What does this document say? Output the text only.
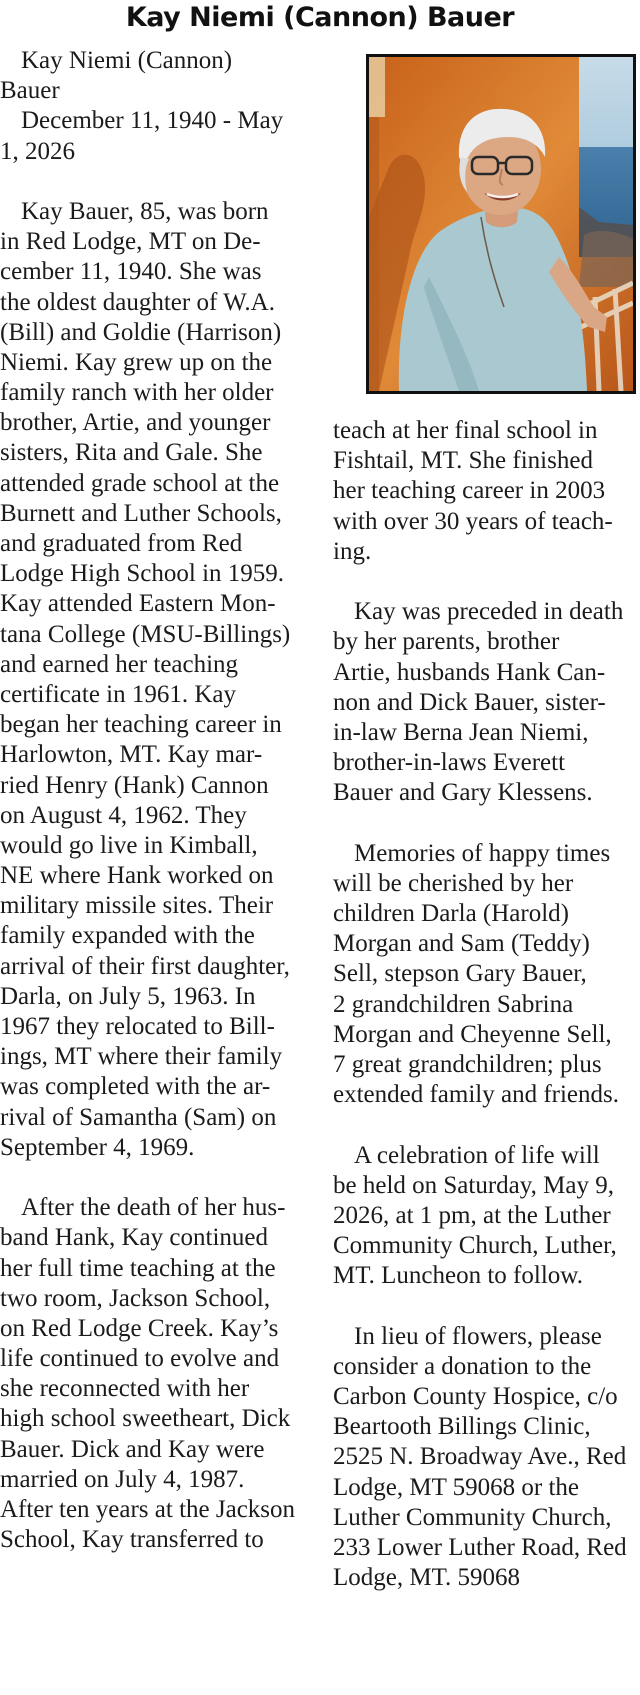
Kay Niemi (Cannon) Bauer
Kay Niemi (Cannon)
Bauer
December 11, 1940 - May
1, 2026
Kay Bauer, 85, was born
in Red Lodge, MT on De-
cember 11, 1940. She was
the oldest daughter of W.A.
(Bill) and Goldie (Harrison)
Niemi. Kay grew up on the
family ranch with her older
brother, Artie, and younger
sisters, Rita and Gale. She
attended grade school at the
Burnett and Luther Schools,
and graduated from Red
Lodge High School in 1959.
Kay attended Eastern Mon-
tana College (MSU-Billings)
and earned her teaching
certificate in 1961. Kay
began her teaching career in
Harlowton, MT. Kay mar-
ried Henry (Hank) Cannon
on August 4, 1962. They
would go live in Kimball,
NE where Hank worked on
military missile sites. Their
family expanded with the
arrival of their first daughter,
Darla, on July 5, 1963. In
1967 they relocated to Bill-
ings, MT where their family
was completed with the ar-
rival of Samantha (Sam) on
September 4, 1969.
After the death of her hus-
band Hank, Kay continued
her full time teaching at the
two room, Jackson School,
on Red Lodge Creek. Kay’s
life continued to evolve and
she reconnected with her
high school sweetheart, Dick
Bauer. Dick and Kay were
married on July 4, 1987.
After ten years at the Jackson
School, Kay transferred to
teach at her final school in
Fishtail, MT. She finished
her teaching career in 2003
with over 30 years of teach-
ing.
Kay was preceded in death
by her parents, brother
Artie, husbands Hank Can-
non and Dick Bauer, sister-
in-law Berna Jean Niemi,
brother-in-laws Everett
Bauer and Gary Klessens.
Memories of happy times
will be cherished by her
children Darla (Harold)
Morgan and Sam (Teddy)
Sell, stepson Gary Bauer,
2 grandchildren Sabrina
Morgan and Cheyenne Sell,
7 great grandchildren; plus
extended family and friends.
A celebration of life will
be held on Saturday, May 9,
2026, at 1 pm, at the Luther
Community Church, Luther,
MT. Luncheon to follow.
In lieu of flowers, please
consider a donation to the
Carbon County Hospice, c/o
Beartooth Billings Clinic,
2525 N. Broadway Ave., Red
Lodge, MT 59068 or the
Luther Community Church,
233 Lower Luther Road, Red
Lodge, MT. 59068
